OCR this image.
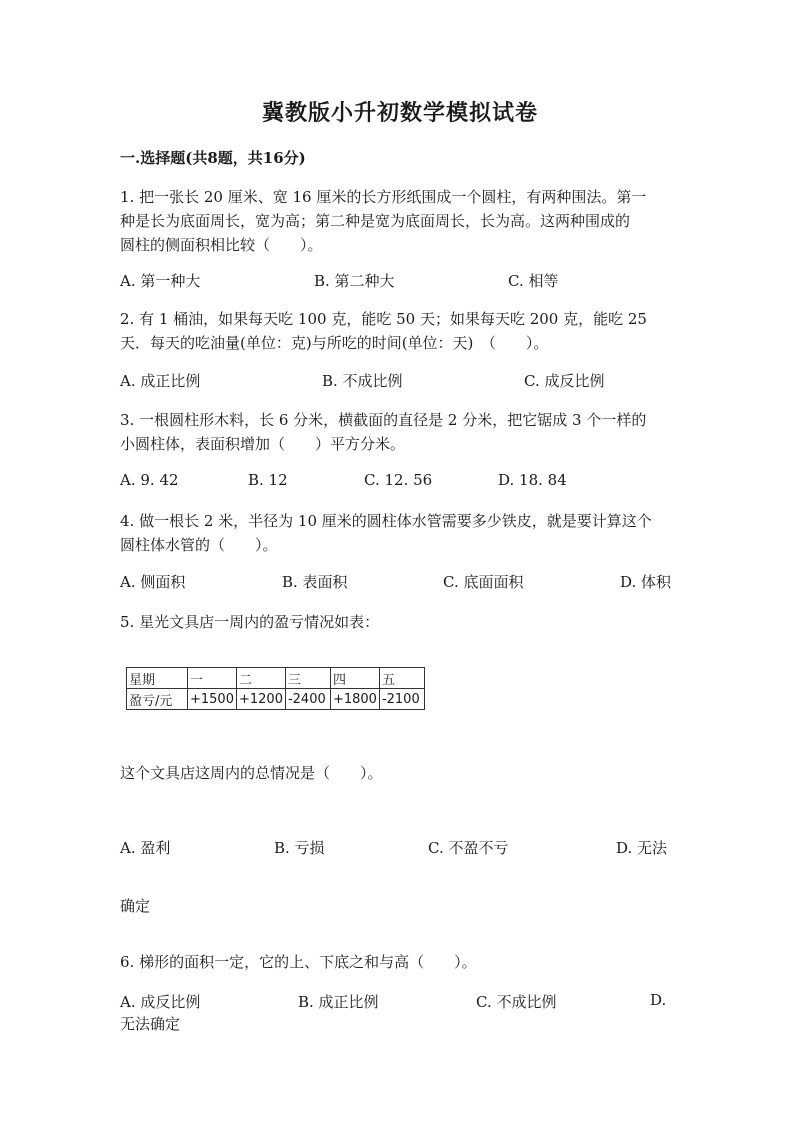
冀教版小升初数学模拟试卷
一.选择题(共8题，共16分)
1. 把一张长 20 厘米、宽 16 厘米的长方形纸围成一个圆柱，有两种围法。第一
种是长为底面周长，宽为高；第二种是宽为底面周长，长为高。这两种围成的
圆柱的侧面积相比较（　　）。
A. 第一种大	B. 第二种大	C. 相等
2. 有 1 桶油，如果每天吃 100 克，能吃 50 天；如果每天吃 200 克，能吃 25
天．每天的吃油量(单位：克)与所吃的时间(单位：天)　（　　）。
A. 成正比例	B. 不成比例	C. 成反比例
3. 一根圆柱形木料，长 6 分米，横截面的直径是 2 分米，把它锯成 3 个一样的
小圆柱体，表面积增加（　　）平方分米。
A. 9. 42	B. 12	C. 12. 56	D. 18. 84
4. 做一根长 2 米，半径为 10 厘米的圆柱体水管需要多少铁皮，就是要计算这个
圆柱体水管的（　　）。
A. 侧面积	B. 表面积	C. 底面面积	D. 体积
5. 星光文具店一周内的盈亏情况如表：
星期	一	二	三	四	五
盈亏/元	+1500	+1200	-2400	+1800	-2100
这个文具店这周内的总情况是（　　）。
A. 盈利	B. 亏损	C. 不盈不亏	D. 无法
确定
6. 梯形的面积一定，它的上、下底之和与高（　　）。
A. 成反比例	B. 成正比例	C. 不成比例	D.
无法确定
